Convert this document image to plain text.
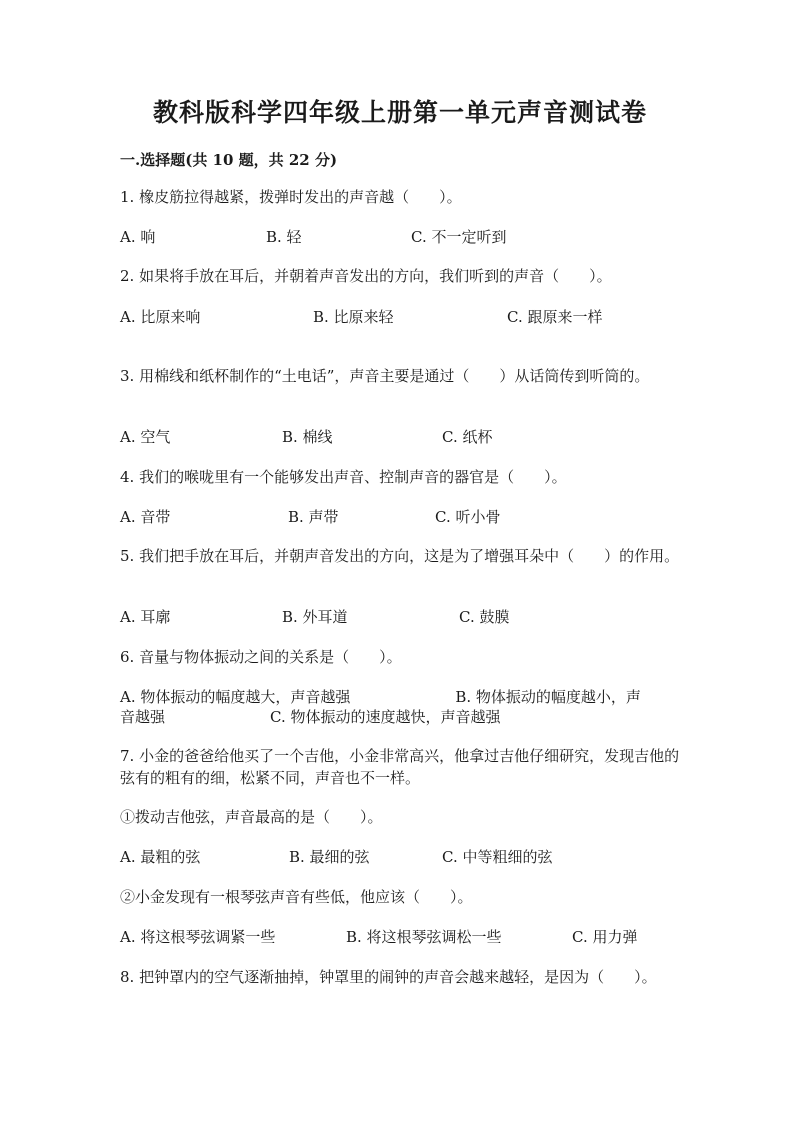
教科版科学四年级上册第一单元声音测试卷
一.选择题(共 10 题，共 22 分)
1. 橡皮筋拉得越紧，拨弹时发出的声音越（　　）。
A. 响	B. 轻	C. 不一定听到
2. 如果将手放在耳后，并朝着声音发出的方向，我们听到的声音（　　）。
A. 比原来响	B. 比原来轻	C. 跟原来一样
3. 用棉线和纸杯制作的“土电话”，声音主要是通过（　　）从话筒传到听筒的。
A. 空气	B. 棉线	C. 纸杯
4. 我们的喉咙里有一个能够发出声音、控制声音的器官是（　　）。
A. 音带	B. 声带	C. 听小骨
5. 我们把手放在耳后，并朝声音发出的方向，这是为了增强耳朵中（　　）的作用。
A. 耳廓	B. 外耳道	C. 鼓膜
6. 音量与物体振动之间的关系是（　　）。
A. 物体振动的幅度越大，声音越强　　　　　　　B. 物体振动的幅度越小，声
音越强　　　　　　　C. 物体振动的速度越快，声音越强
7. 小金的爸爸给他买了一个吉他，小金非常高兴，他拿过吉他仔细研究，发现吉他的弦有的粗有的细，松紧不同，声音也不一样。
①拨动吉他弦，声音最高的是（　　）。
A. 最粗的弦	B. 最细的弦	C. 中等粗细的弦
②小金发现有一根琴弦声音有些低，他应该（　　）。
A. 将这根琴弦调紧一些	B. 将这根琴弦调松一些	C. 用力弹
8. 把钟罩内的空气逐渐抽掉，钟罩里的闹钟的声音会越来越轻，是因为（　　）。
